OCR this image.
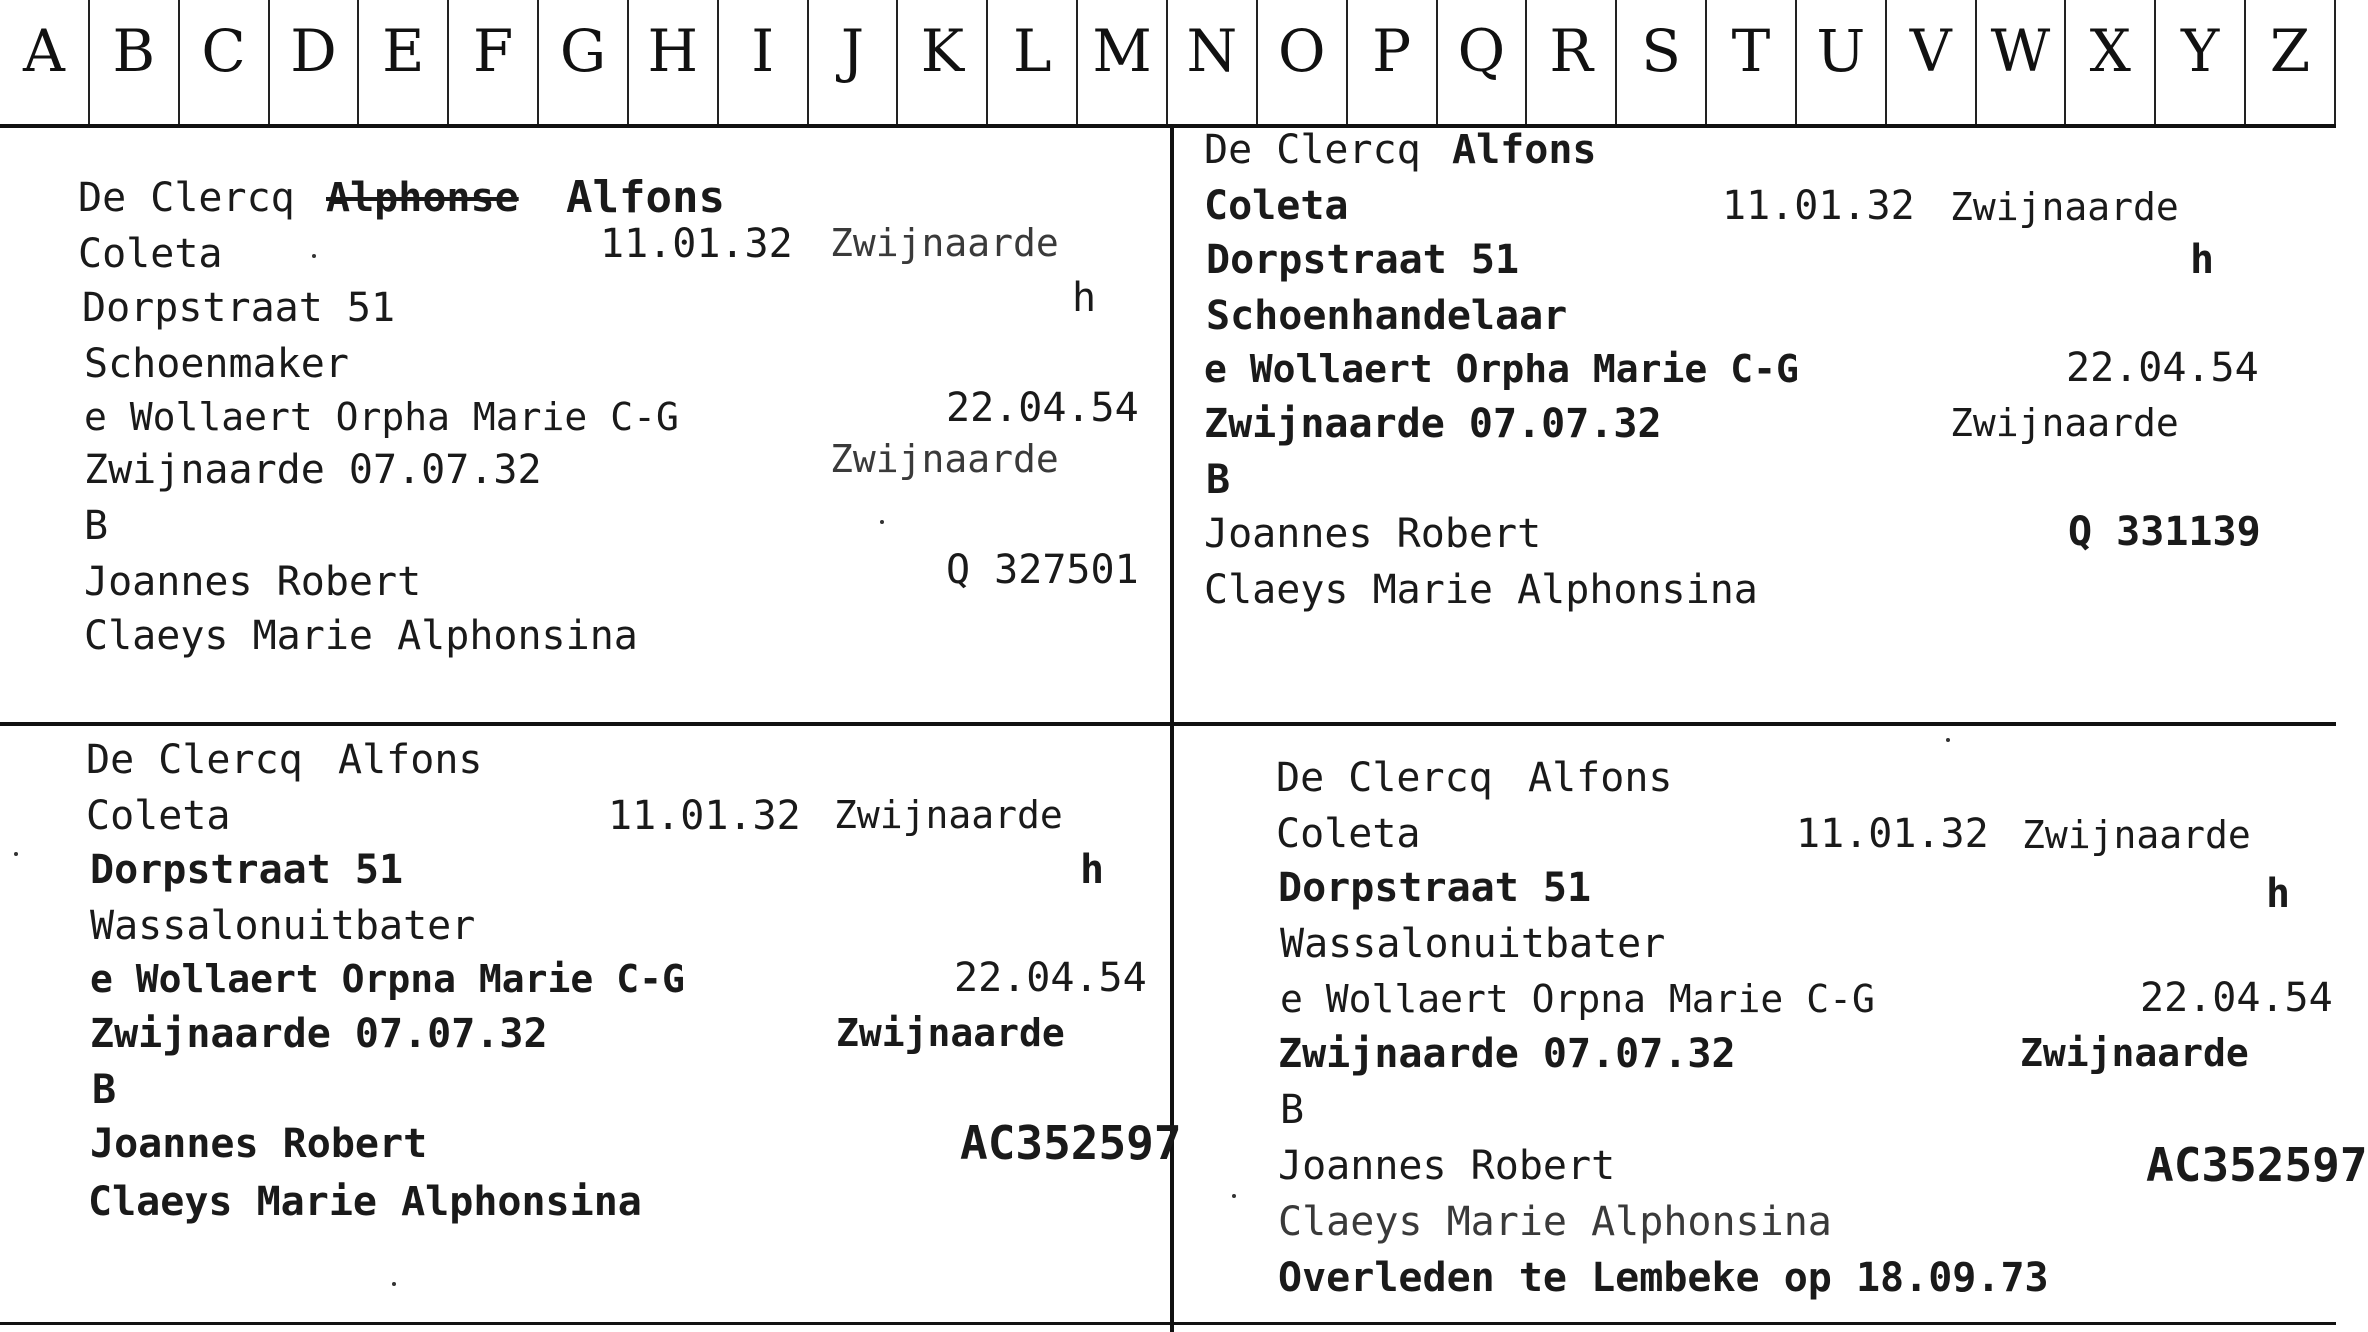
A B C D E F G H I	J K L M N O P Q R S T U V W X Y Z
De Clercq Alphonse Alfons
Coleta	11.01.32 Zwijnaarde
Dorpstraat 51	h
Schoenmaker
e Wollaert Orpha Marie C-G	22.04.54
Zwijnaarde 07.07.32	Zwijnaarde
B
Joannes Robert	Q 327501
Claeys Marie Alphonsina
De Clercq Alfons
Coleta	11.01.32 Zwijnaarde
Dorpstraat 51	h
Schoenhandelaar
e Wollaert Orpha Marie C-G	22.04.54
Zwijnaarde 07.07.32	Zwijnaarde
B
Joannes Robert	Q 331139
Claeys Marie Alphonsina
De Clercq Alfons
Coleta	11.01.32 Zwijnaarde
Dorpstraat 51	h
Wassalonuitbater
e Wollaert Orpna Marie C-G	22.04.54
Zwijnaarde 07.07.32	Zwijnaarde
B
Joannes Robert	AC352597
Claeys Marie Alphonsina
De Clercq Alfons
Coleta	11.01.32 Zwijnaarde
Dorpstraat 51	h
Wassalonuitbater
e Wollaert Orpna Marie C-G	22.04.54
Zwijnaarde 07.07.32	Zwijnaarde
B
Joannes Robert	AC352597
Claeys Marie Alphonsina
Overleden te Lembeke op 18.09.73
